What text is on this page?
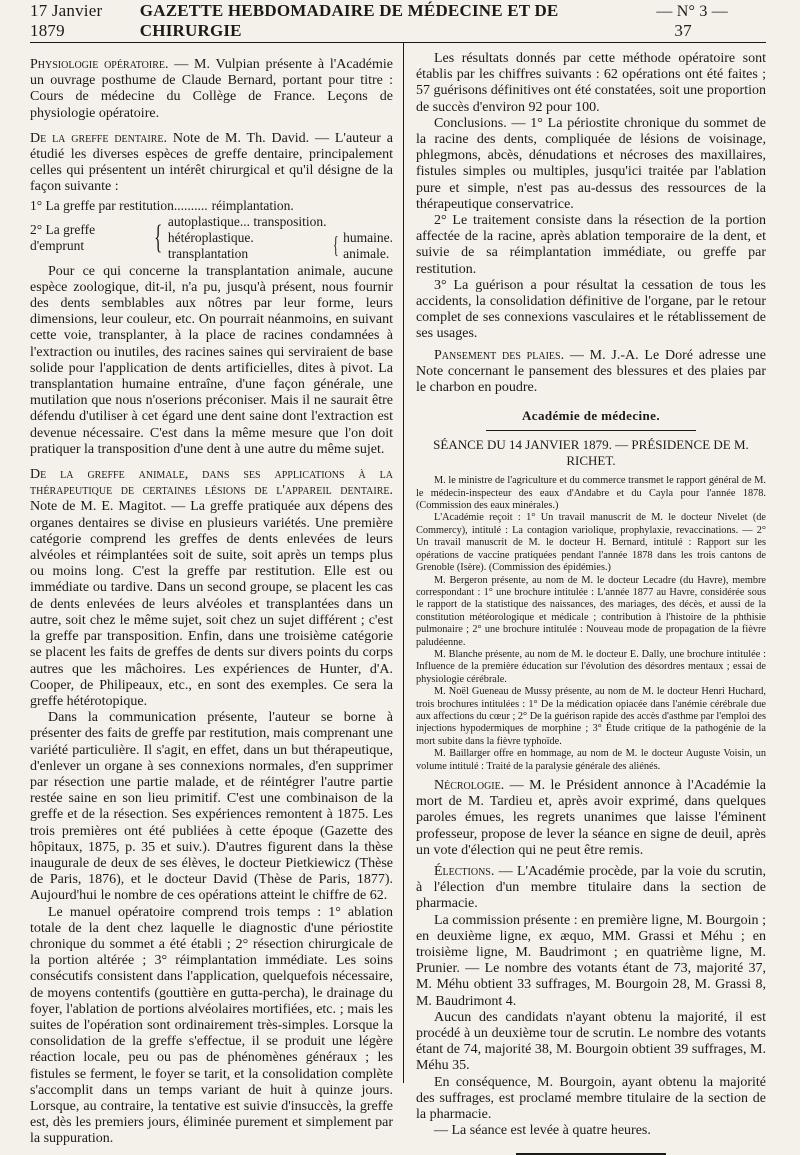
17 Janvier 1879
GAZETTE HEBDOMADAIRE DE MÉDECINE ET DE CHIRURGIE
— N° 3 — 37

Physiologie opératoire. — M. Vulpian présente à l'Académie un ouvrage posthume de Claude Bernard, portant pour titre : Cours de médecine du Collège de France. Leçons de physiologie opératoire.

De la greffe dentaire. Note de M. Th. David. — L'auteur a étudié les diverses espèces de greffe dentaire, principalement celles qui présentent un intérêt chirurgical et qu'il désigne de la façon suivante :

1° La greffe par restitution .......... réimplantation.
2° La greffe d'emprunt	{ autoplastique... transposition.
hétéroplastique. transplantation	{ humaine.
animale.

Pour ce qui concerne la transplantation animale, aucune espèce zoologique, dit-il, n'a pu, jusqu'à présent, nous fournir des dents semblables aux nôtres par leur forme, leurs dimensions, leur couleur, etc. On pourrait néanmoins, en suivant cette voie, transplanter, à la place de racines condamnées à l'extraction ou inutiles, des racines saines qui serviraient de base solide pour l'application de dents artificielles, dites à pivot. La transplantation humaine entraîne, d'une façon générale, une mutilation que nous n'oserions préconiser. Mais il ne saurait être défendu d'utiliser à cet égard une dent saine dont l'extraction est devenue nécessaire. C'est dans la même mesure que l'on doit pratiquer la transposition d'une dent à une autre du même sujet.

De la greffe animale, dans ses applications à la thérapeutique de certaines lésions de l'appareil dentaire. Note de M. E. Magitot. — La greffe pratiquée aux dépens des organes dentaires se divise en plusieurs variétés. Une première catégorie comprend les greffes de dents enlevées de leurs alvéoles et réimplantées soit de suite, soit après un temps plus ou moins long. C'est la greffe par restitution. Elle est ou immédiate ou tardive. Dans un second groupe, se placent les cas de dents enlevées de leurs alvéoles et transplantées dans un autre, soit chez le même sujet, soit chez un sujet différent ; c'est la greffe par transposition. Enfin, dans une troisième catégorie se placent les faits de greffes de dents sur divers points du corps autres que les mâchoires. Les expériences de Hunter, d'A. Cooper, de Philipeaux, etc., en sont des exemples. Ce sera la greffe hétérotopique.

Dans la communication présente, l'auteur se borne à présenter des faits de greffe par restitution, mais comprenant une variété particulière. Il s'agit, en effet, dans un but thérapeutique, d'enlever un organe à ses connexions normales, d'en supprimer par résection une partie malade, et de réintégrer l'autre partie restée saine en son lieu primitif. C'est une combinaison de la greffe et de la résection. Ses expériences remontent à 1875. Les trois premières ont été publiées à cette époque (Gazette des hôpitaux, 1875, p. 35 et suiv.). D'autres figurent dans la thèse inaugurale de deux de ses élèves, le docteur Pietkiewicz (Thèse de Paris, 1876), et le docteur David (Thèse de Paris, 1877). Aujourd'hui le nombre de ces opérations atteint le chiffre de 62.

Le manuel opératoire comprend trois temps : 1° ablation totale de la dent chez laquelle le diagnostic d'une périostite chronique du sommet a été établi ; 2° résection chirurgicale de la portion altérée ; 3° réimplantation immédiate. Les soins consécutifs consistent dans l'application, quelquefois nécessaire, de moyens contentifs (gouttière en gutta-percha), le drainage du foyer, l'ablation de portions alvéolaires mortifiées, etc. ; mais les suites de l'opération sont ordinairement très-simples. Lorsque la consolidation de la greffe s'effectue, il se produit une légère réaction locale, peu ou pas de phénomènes généraux ; les fistules se ferment, le foyer se tarit, et la consolidation complète s'accomplit dans un temps variant de huit à quinze jours. Lorsque, au contraire, la tentative est suivie d'insuccès, la greffe est, dès les premiers jours, éliminée purement et simplement par la suppuration.

Les résultats donnés par cette méthode opératoire sont établis par les chiffres suivants : 62 opérations ont été faites ; 57 guérisons définitives ont été constatées, soit une proportion de succès d'environ 92 pour 100.

Conclusions. — 1° La périostite chronique du sommet de la racine des dents, compliquée de lésions de voisinage, phlegmons, abcès, dénudations et nécroses des maxillaires, fistules simples ou multiples, jusqu'ici traitée par l'ablation pure et simple, n'est pas au-dessus des ressources de la thérapeutique conservatrice.

2° Le traitement consiste dans la résection de la portion affectée de la racine, après ablation temporaire de la dent, et suivie de sa réimplantation immédiate, ou greffe par restitution.

3° La guérison a pour résultat la cessation de tous les accidents, la consolidation définitive de l'organe, par le retour complet de ses connexions vasculaires et le rétablissement de ses usages.

Pansement des plaies. — M. J.-A. Le Doré adresse une Note concernant le pansement des blessures et des plaies par le charbon en poudre.

Académie de médecine.
SÉANCE DU 14 JANVIER 1879. — PRÉSIDENCE DE M. RICHET.

M. le ministre de l'agriculture et du commerce transmet le rapport général de M. le médecin-inspecteur des eaux d'Andabre et du Cayla pour l'année 1878. (Commission des eaux minérales.)

L'Académie reçoit : 1° Un travail manuscrit de M. le docteur Nivelet (de Commercy), intitulé : La contagion variolique, prophylaxie, revaccinations. — 2° Un travail manuscrit de M. le docteur H. Bernard, intitulé : Rapport sur les opérations de vaccine pratiquées pendant l'année 1878 dans les trois cantons de Grenoble (Isère). (Commission des épidémies.)

M. Bergeron présente, au nom de M. le docteur Lecadre (du Havre), membre correspondant : 1° une brochure intitulée : L'année 1877 au Havre, considérée sous le rapport de la statistique des naissances, des mariages, des décès, et aussi de la constitution météorologique et médicale ; contribution à l'histoire de la phthisie pulmonaire ; 2° une brochure intitulée : Nouveau mode de propagation de la fièvre paludéenne.

M. Blanche présente, au nom de M. le docteur E. Dally, une brochure intitulée : Influence de la première éducation sur l'évolution des désordres mentaux ; essai de physiologie cérébrale.

M. Noël Gueneau de Mussy présente, au nom de M. le docteur Henri Huchard, trois brochures intitulées : 1° De la médication opiacée dans l'anémie cérébrale due aux affections du cœur ; 2° De la guérison rapide des accès d'asthme par l'emploi des injections hypodermiques de morphine ; 3° Étude critique de la pathogénie de la mort subite dans la fièvre typhoïde.

M. Baillarger offre en hommage, au nom de M. le docteur Auguste Voisin, un volume intitulé : Traité de la paralysie générale des aliénés.

Nécrologie. — M. le Président annonce à l'Académie la mort de M. Tardieu et, après avoir exprimé, dans quelques paroles émues, les regrets unanimes que laisse l'éminent professeur, propose de lever la séance en signe de deuil, après un vote d'élection qui ne peut être remis.

Élections. — L'Académie procède, par la voie du scrutin, à l'élection d'un membre titulaire dans la section de pharmacie.

La commission présente : en première ligne, M. Bourgoin ; en deuxième ligne, ex æquo, MM. Grassi et Méhu ; en troisième ligne, M. Baudrimont ; en quatrième ligne, M. Prunier. — Le nombre des votants étant de 73, majorité 37, M. Méhu obtient 33 suffrages, M. Bourgoin 28, M. Grassi 8, M. Baudrimont 4.

Aucun des candidats n'ayant obtenu la majorité, il est procédé à un deuxième tour de scrutin. Le nombre des votants étant de 74, majorité 38, M. Bourgoin obtient 39 suffrages, M. Méhu 35.

En conséquence, M. Bourgoin, ayant obtenu la majorité des suffrages, est proclamé membre titulaire de la section de la pharmacie.

— La séance est levée à quatre heures.
